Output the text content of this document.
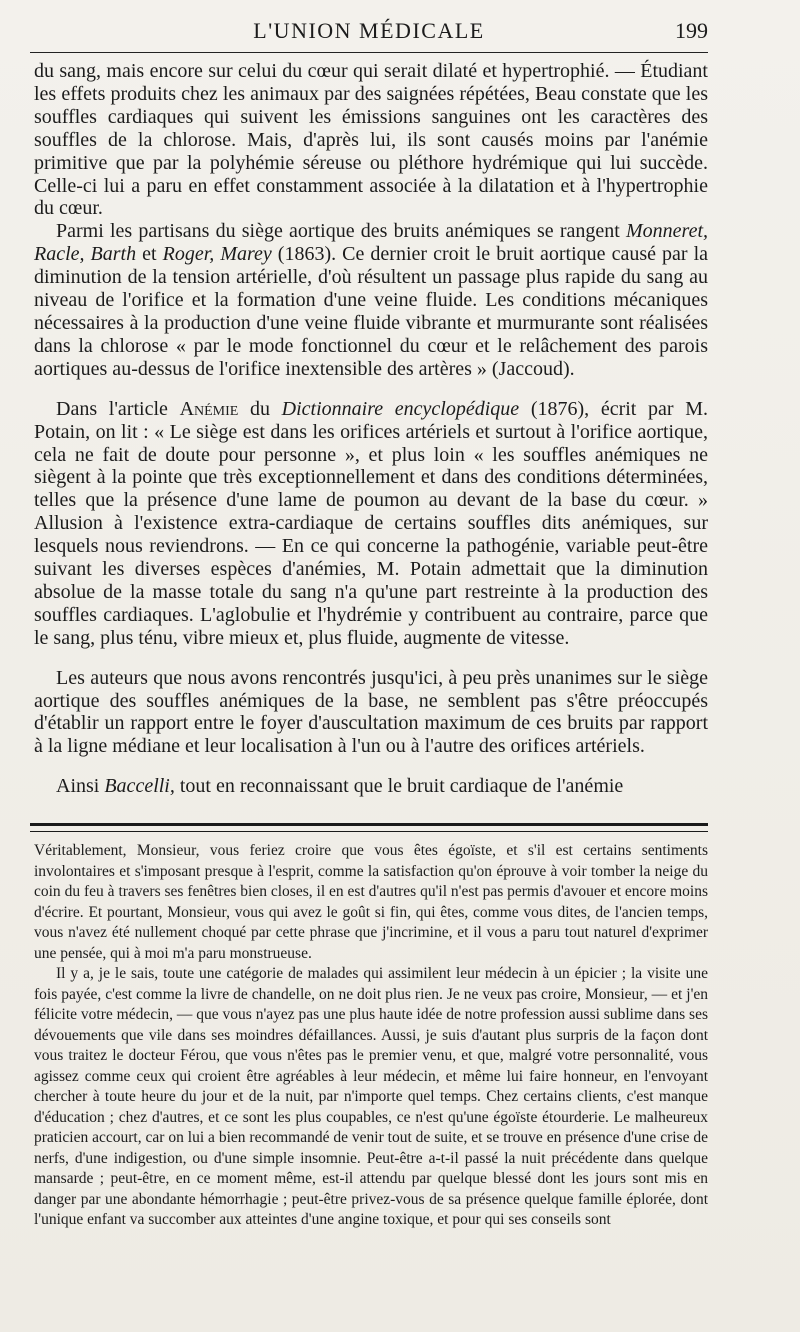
L'UNION MÉDICALE	199

du sang, mais encore sur celui du cœur qui serait dilaté et hypertrophié. — Étudiant les effets produits chez les animaux par des saignées répétées, Beau constate que les souffles cardiaques qui suivent les émissions sanguines ont les caractères des souffles de la chlorose. Mais, d'après lui, ils sont causés moins par l'anémie primitive que par la polyhémie séreuse ou pléthore hydrémique qui lui succède. Celle-ci lui a paru en effet constamment associée à la dilatation et à l'hypertrophie du cœur.

Parmi les partisans du siège aortique des bruits anémiques se rangent Monneret, Racle, Barth et Roger, Marey (1863). Ce dernier croit le bruit aortique causé par la diminution de la tension artérielle, d'où résultent un passage plus rapide du sang au niveau de l'orifice et la formation d'une veine fluide. Les conditions mécaniques nécessaires à la production d'une veine fluide vibrante et murmurante sont réalisées dans la chlorose « par le mode fonctionnel du cœur et le relâchement des parois aortiques au-dessus de l'orifice inextensible des artères » (Jaccoud).

Dans l'article Anémie du Dictionnaire encyclopédique (1876), écrit par M. Potain, on lit : « Le siège est dans les orifices artériels et surtout à l'orifice aortique, cela ne fait de doute pour personne », et plus loin « les souffles anémiques ne siègent à la pointe que très exceptionnellement et dans des conditions déterminées, telles que la présence d'une lame de poumon au devant de la base du cœur. » Allusion à l'existence extra-cardiaque de certains souffles dits anémiques, sur lesquels nous reviendrons. — En ce qui concerne la pathogénie, variable peut-être suivant les diverses espèces d'anémies, M. Potain admettait que la diminution absolue de la masse totale du sang n'a qu'une part restreinte à la production des souffles cardiaques. L'aglobulie et l'hydrémie y contribuent au contraire, parce que le sang, plus ténu, vibre mieux et, plus fluide, augmente de vitesse.

Les auteurs que nous avons rencontrés jusqu'ici, à peu près unanimes sur le siège aortique des souffles anémiques de la base, ne semblent pas s'être préoccupés d'établir un rapport entre le foyer d'auscultation maximum de ces bruits par rapport à la ligne médiane et leur localisation à l'un ou à l'autre des orifices artériels.

Ainsi Baccelli, tout en reconnaissant que le bruit cardiaque de l'anémie

Véritablement, Monsieur, vous feriez croire que vous êtes égoïste, et s'il est certains sentiments involontaires et s'imposant presque à l'esprit, comme la satisfaction qu'on éprouve à voir tomber la neige du coin du feu à travers ses fenêtres bien closes, il en est d'autres qu'il n'est pas permis d'avouer et encore moins d'écrire. Et pourtant, Monsieur, vous qui avez le goût si fin, qui êtes, comme vous dites, de l'ancien temps, vous n'avez été nullement choqué par cette phrase que j'incrimine, et il vous a paru tout naturel d'exprimer une pensée, qui à moi m'a paru monstrueuse.

Il y a, je le sais, toute une catégorie de malades qui assimilent leur médecin à un épicier ; la visite une fois payée, c'est comme la livre de chandelle, on ne doit plus rien. Je ne veux pas croire, Monsieur, — et j'en félicite votre médecin, — que vous n'ayez pas une plus haute idée de notre profession aussi sublime dans ses dévouements que vile dans ses moindres défaillances. Aussi, je suis d'autant plus surpris de la façon dont vous traitez le docteur Férou, que vous n'êtes pas le premier venu, et que, malgré votre personnalité, vous agissez comme ceux qui croient être agréables à leur médecin, et même lui faire honneur, en l'envoyant chercher à toute heure du jour et de la nuit, par n'importe quel temps. Chez certains clients, c'est manque d'éducation ; chez d'autres, et ce sont les plus coupables, ce n'est qu'une égoïste étourderie. Le malheureux praticien accourt, car on lui a bien recommandé de venir tout de suite, et se trouve en présence d'une crise de nerfs, d'une indigestion, ou d'une simple insomnie. Peut-être a-t-il passé la nuit précédente dans quelque mansarde ; peut-être, en ce moment même, est-il attendu par quelque blessé dont les jours sont mis en danger par une abondante hémorrhagie ; peut-être privez-vous de sa présence quelque famille éplorée, dont l'unique enfant va succomber aux atteintes d'une angine toxique, et pour qui ses conseils sont
